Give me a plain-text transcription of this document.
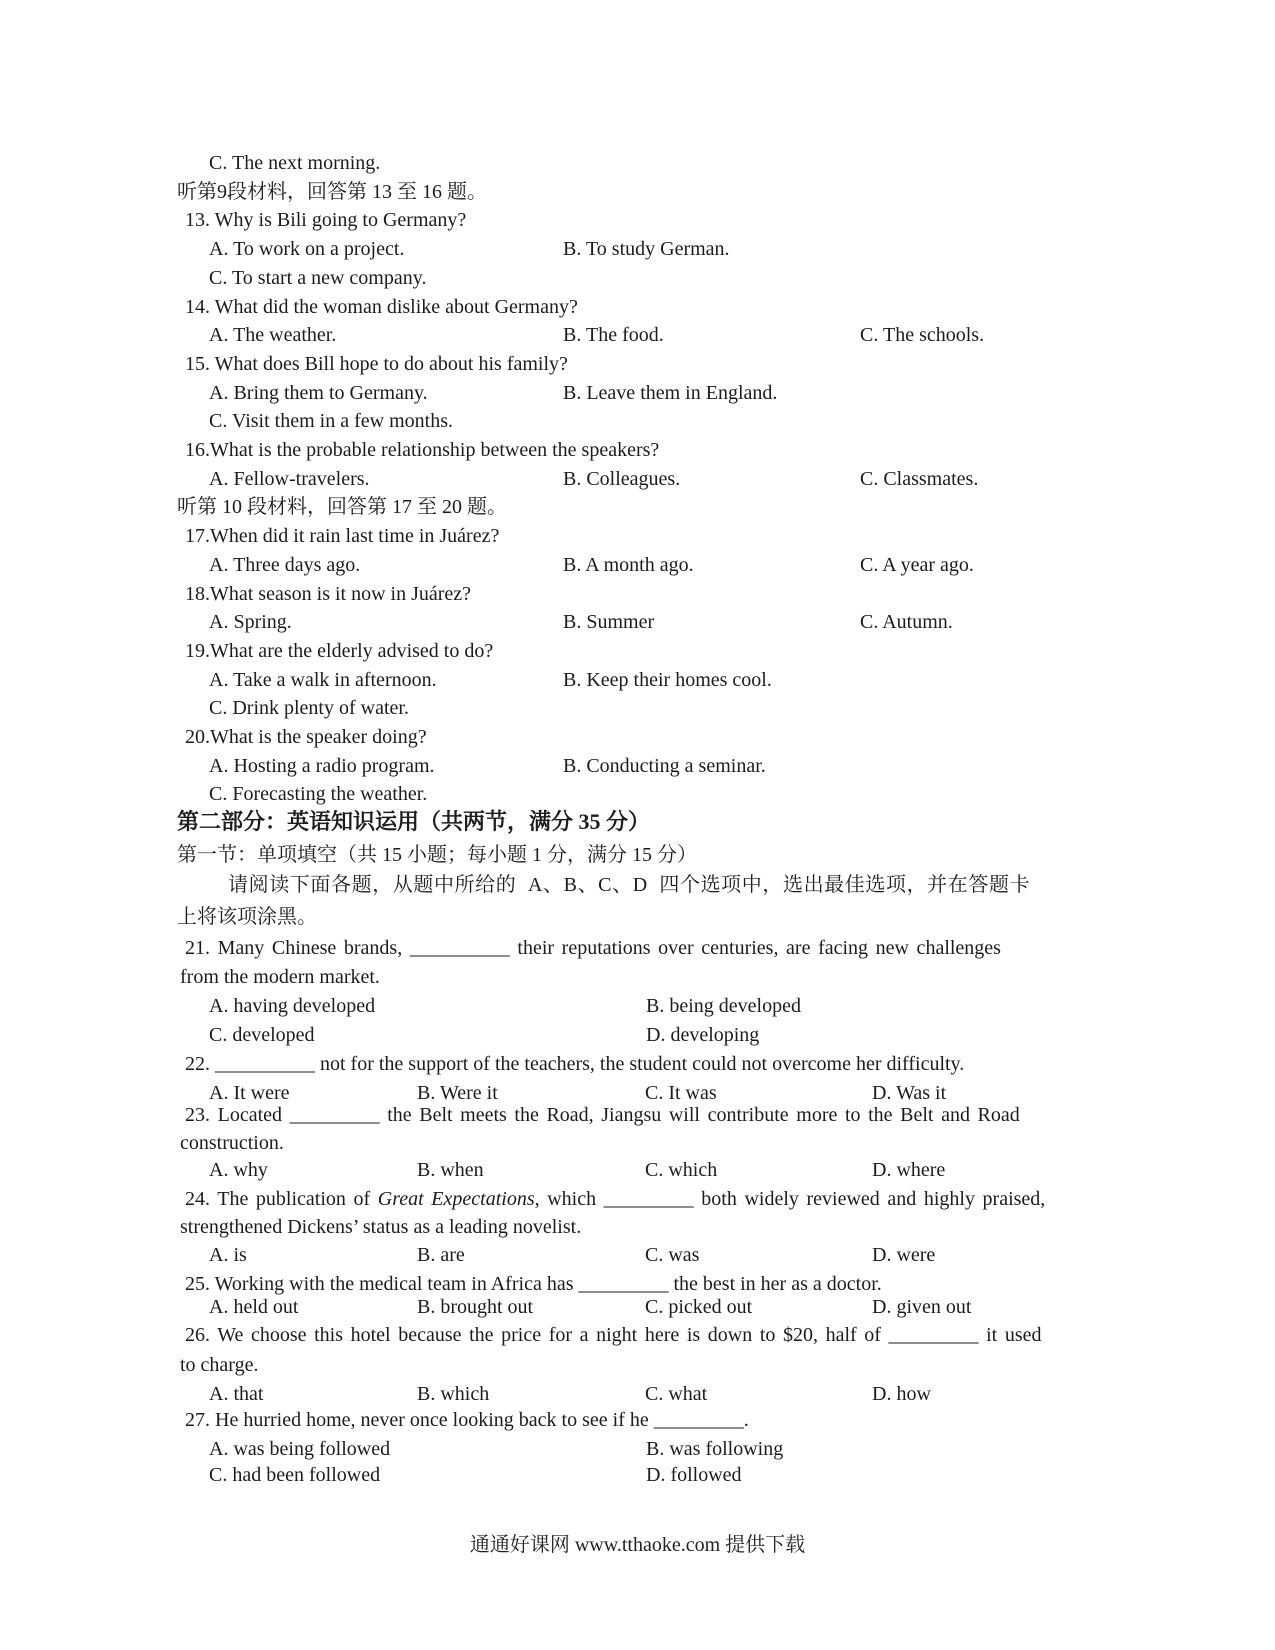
C. The next morning.
听第9段材料，回答第 13 至 16 题。
13. Why is Bili going to Germany?
A. To work on a project.	B. To study German.
C. To start a new company.
14. What did the woman dislike about Germany?
A. The weather.	B. The food.	C. The schools.
15. What does Bill hope to do about his family?
A. Bring them to Germany.	B. Leave them in England.
C. Visit them in a few months.
16.What is the probable relationship between the speakers?
A. Fellow-travelers.	B. Colleagues.	C. Classmates.
听第 10 段材料，回答第 17 至 20 题。
17.When did it rain last time in Juárez?
A. Three days ago.	B. A month ago.	C. A year ago.
18.What season is it now in Juárez?
A. Spring.	B. Summer	C. Autumn.
19.What are the elderly advised to do?
A. Take a walk in afternoon.	B. Keep their homes cool.
C. Drink plenty of water.
20.What is the speaker doing?
A. Hosting a radio program.	B. Conducting a seminar.
C. Forecasting the weather.
第二部分：英语知识运用（共两节，满分 35 分）
第一节：单项填空（共 15 小题；每小题 1 分，满分 15 分）
请阅读下面各题，从题中所给的 A、B、C、D 四个选项中，选出最佳选项，并在答题卡
上将该项涂黑。
21. Many Chinese brands, __________ their reputations over centuries, are facing new challenges
from the modern market.
A. having developed	B. being developed
C. developed	D. developing
22. __________ not for the support of the teachers, the student could not overcome her difficulty.
A. It were	B. Were it	C. It was	D. Was it
23. Located _________ the Belt meets the Road, Jiangsu will contribute more to the Belt and Road
construction.
A. why	B. when	C. which	D. where
24. The publication of Great Expectations, which _________ both widely reviewed and highly praised,
strengthened Dickens’ status as a leading novelist.
A. is	B. are	C. was	D. were
25. Working with the medical team in Africa has _________ the best in her as a doctor.
A. held out	B. brought out	C. picked out	D. given out
26. We choose this hotel because the price for a night here is down to $20, half of _________ it used
to charge.
A. that	B. which	C. what	D. how
27. He hurried home, never once looking back to see if he _________.
A. was being followed	B. was following
C. had been followed	D. followed
通通好课网 www.tthaoke.com 提供下载
